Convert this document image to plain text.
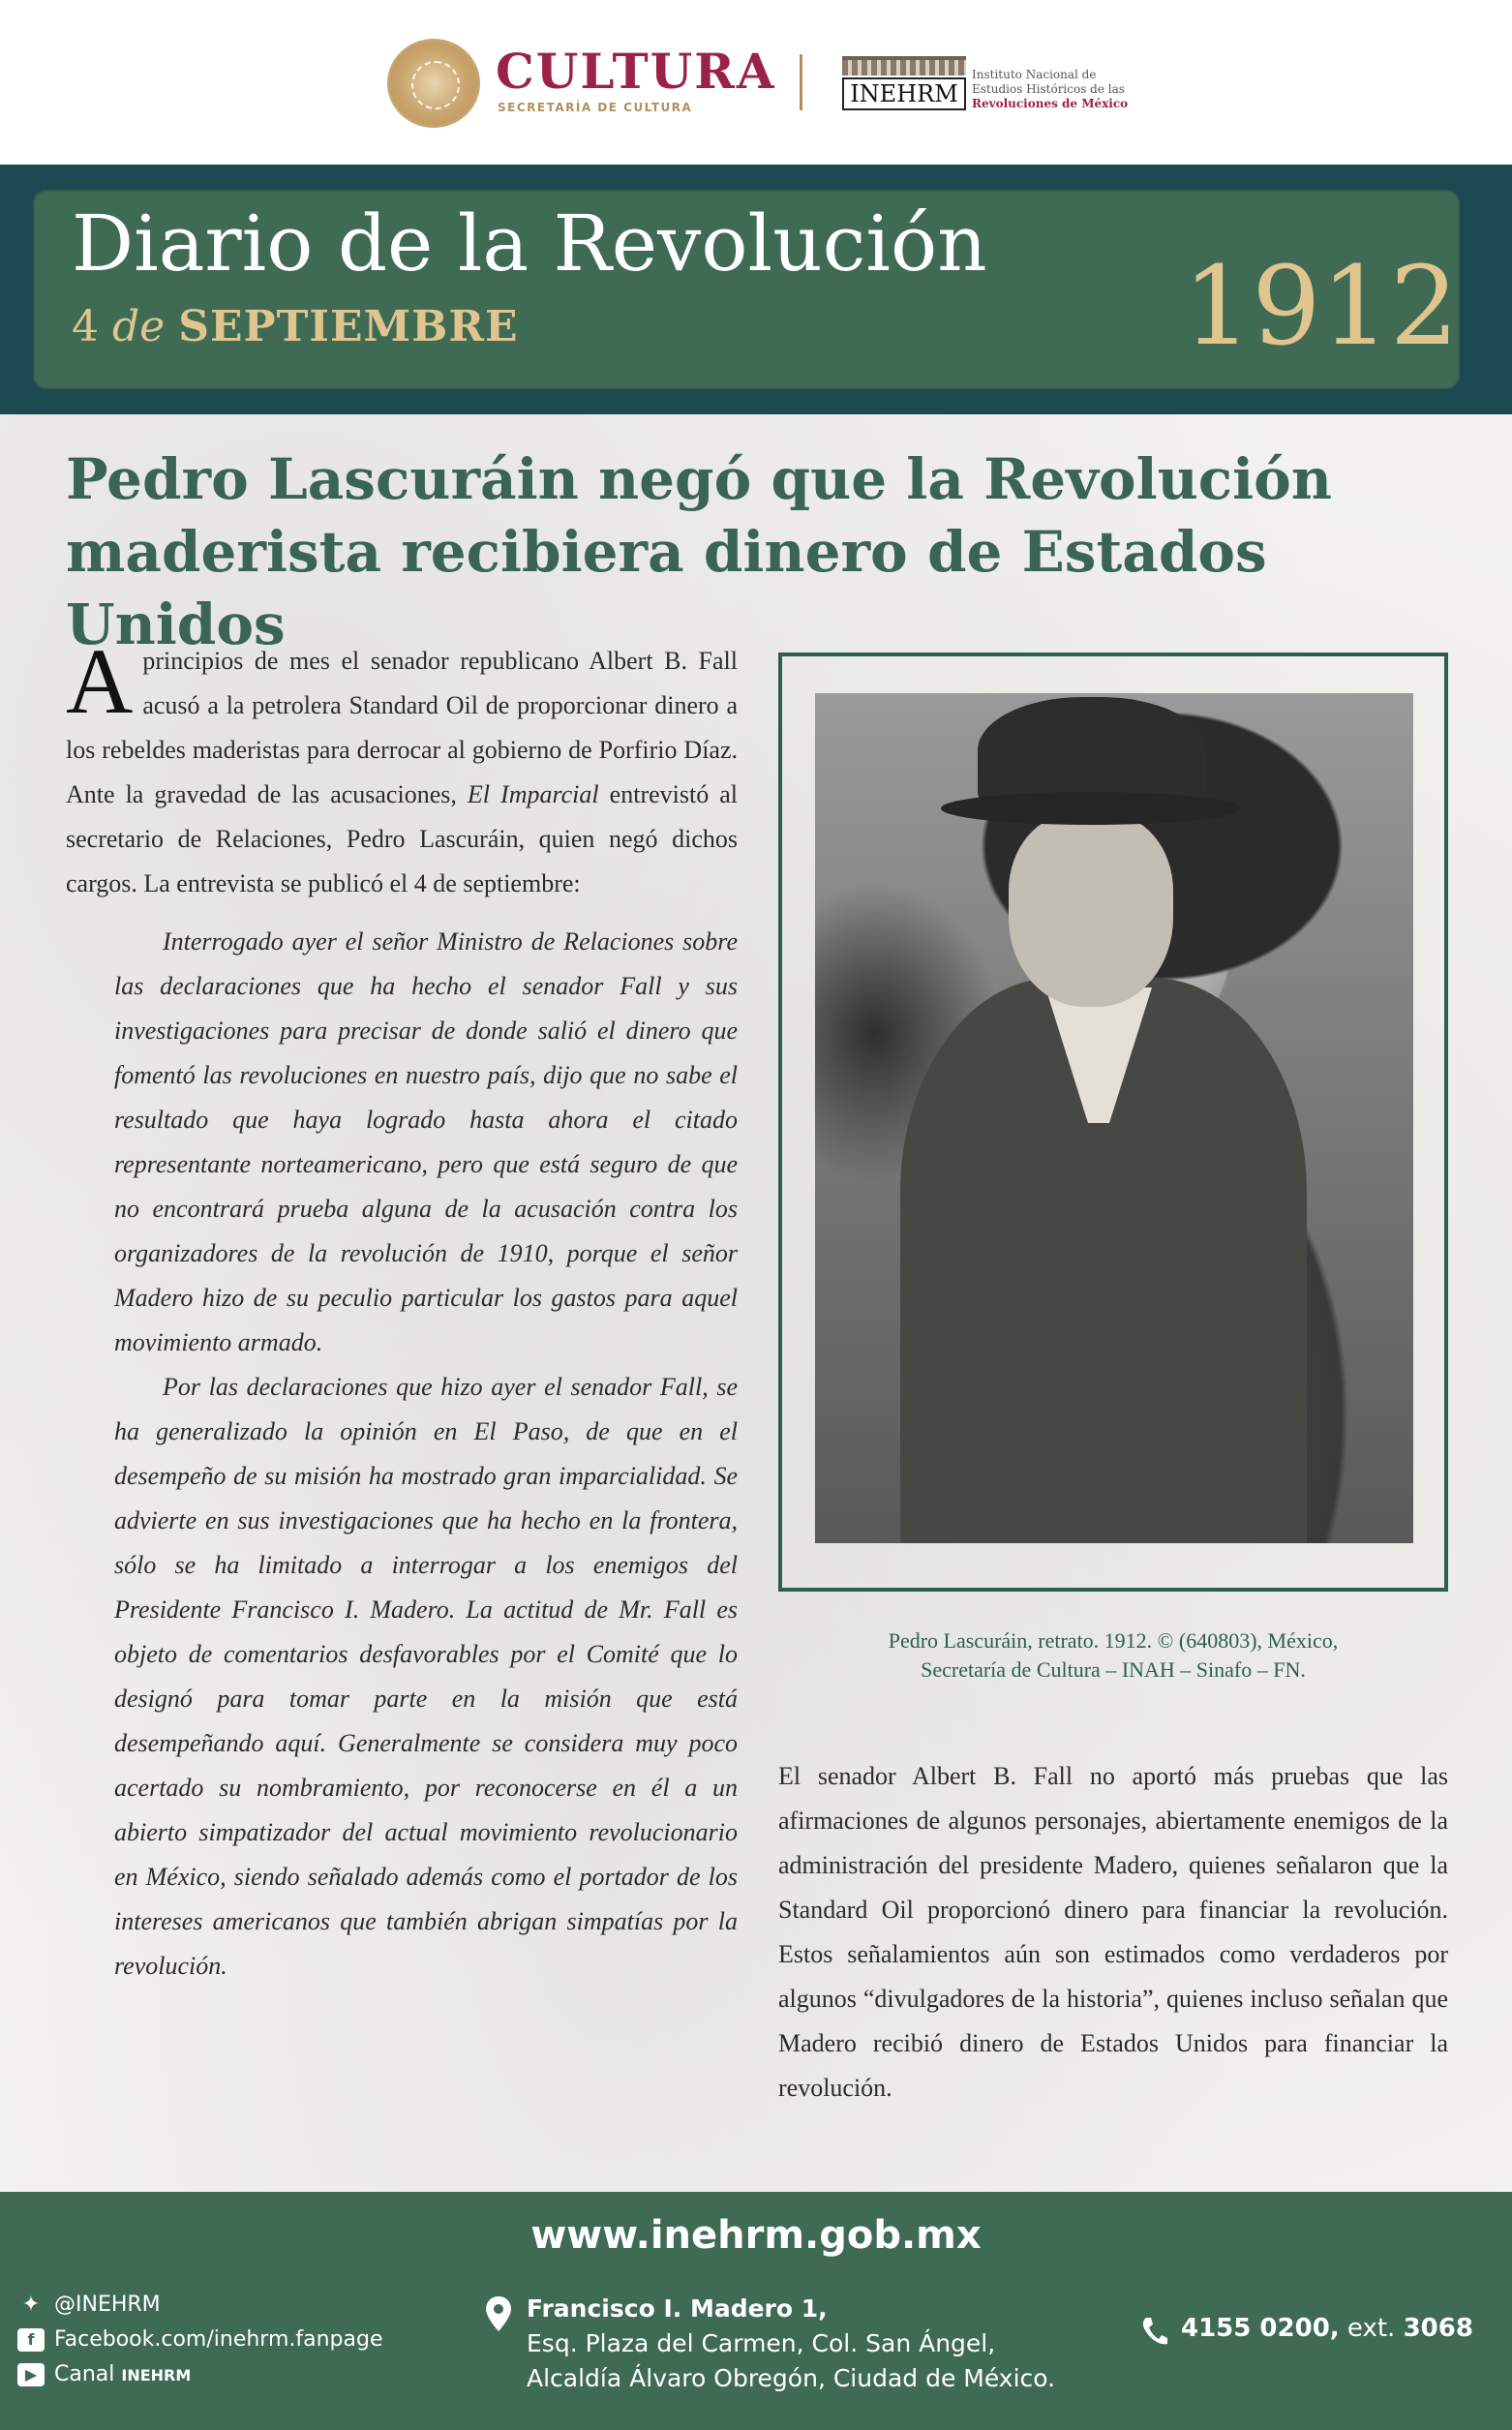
CULTURA
SECRETARÍA DE CULTURA	INEHRM
Instituto Nacional de
Estudios Históricos de las
Revoluciones de México
Diario de la Revolución
4 de SEPTIEMBRE	1912
Pedro Lascuráin negó que la Revolución
maderista recibiera dinero de Estados Unidos

Aprincipios de mes el senador republicano Albert B. Fall acusó a la petrolera Standard Oil de proporcionar dinero a los rebeldes maderistas para derrocar al gobierno de Porfirio Díaz. Ante la gravedad de las acusaciones, El Imparcial entrevistó al secretario de Relaciones, Pedro Lascuráin, quien negó dichos cargos. La entrevista se publicó el 4 de septiembre:

Interrogado ayer el señor Ministro de Relaciones sobre las declaraciones que ha hecho el senador Fall y sus investigaciones para precisar de donde salió el dinero que fomentó las revoluciones en nuestro país, dijo que no sabe el resultado que haya logrado hasta ahora el citado representante norteamericano, pero que está seguro de que no encontrará prueba alguna de la acusación contra los organizadores de la revolución de 1910, porque el señor Madero hizo de su peculio particular los gastos para aquel movimiento armado.

Por las declaraciones que hizo ayer el senador Fall, se ha generalizado la opinión en El Paso, de que en el desempeño de su misión ha mostrado gran imparcialidad. Se advierte en sus investigaciones que ha hecho en la frontera, sólo se ha limitado a interrogar a los enemigos del Presidente Francisco I. Madero. La actitud de Mr. Fall es objeto de comentarios desfavorables por el Comité que lo designó para tomar parte en la misión que está desempeñando aquí. Generalmente se considera muy poco acertado su nombramiento, por reconocerse en él a un abierto simpatizador del actual movimiento revolucionario en México, siendo señalado además como el portador de los intereses americanos que también abrigan simpatías por la revolución.

Pedro Lascuráin, retrato. 1912. © (640803), México,
Secretaría de Cultura – INAH – Sinafo – FN.

El senador Albert B. Fall no aportó más pruebas que las afirmaciones de algunos personajes, abiertamente enemigos de la administración del presidente Madero, quienes señalaron que la Standard Oil proporcionó dinero para financiar la revolución. Estos señalamientos aún son estimados como verdaderos por algunos “divulgadores de la historia”, quienes incluso señalan que Madero recibió dinero de Estados Unidos para financiar la revolución.

www.inehrm.gob.mx
✦ @INEHRM
f Facebook.com/inehrm.fanpage
▶ Canal INEHRM
Francisco I. Madero 1,
Esq. Plaza del Carmen, Col. San Ángel,
Alcaldía Álvaro Obregón, Ciudad de México.
4155 0200, ext. 3068
